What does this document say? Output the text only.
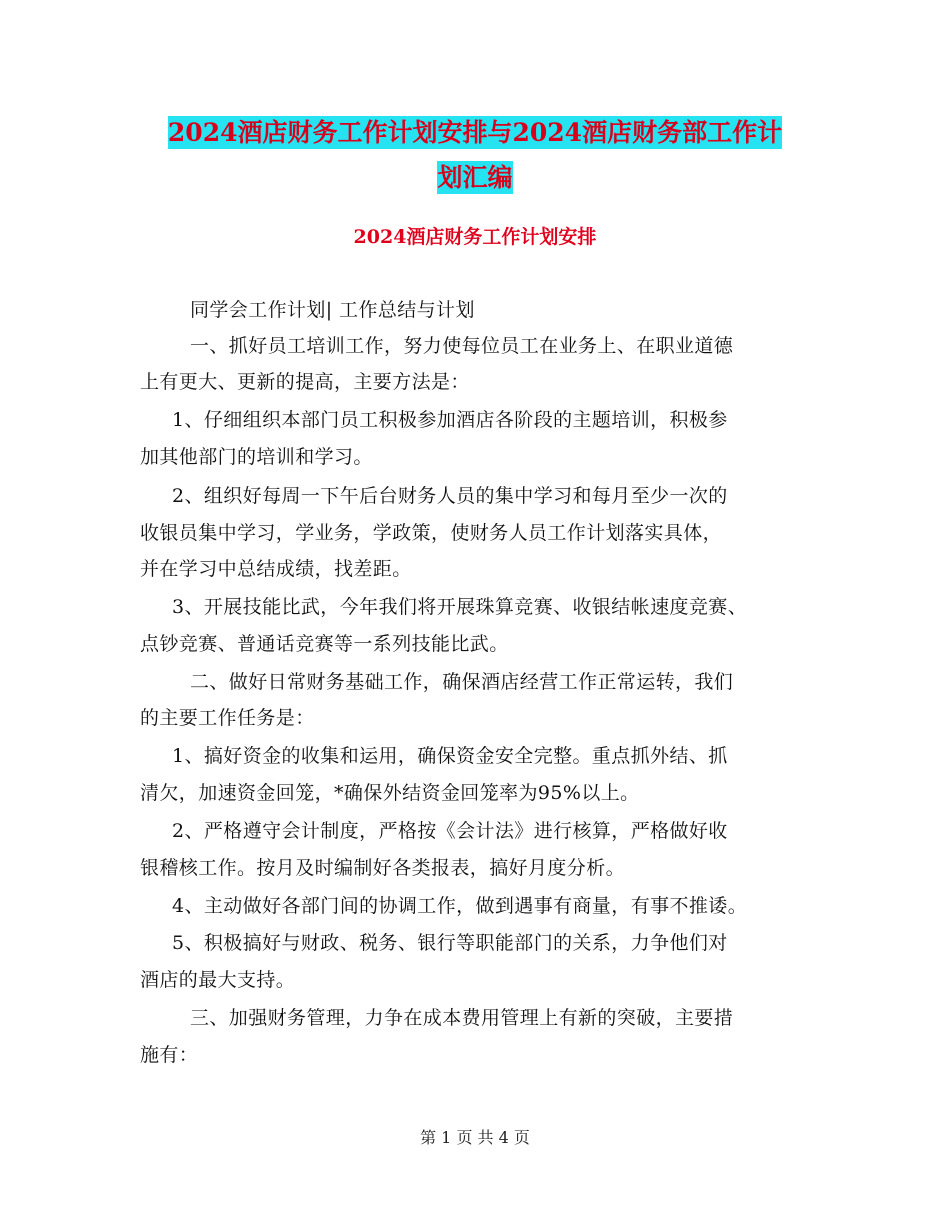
2024酒店财务工作计划安排与2024酒店财务部工作计
划汇编
2024酒店财务工作计划安排

同学会工作计划| 工作总结与计划

一、抓好员工培训工作，努力使每位员工在业务上、在职业道德

上有更大、更新的提高，主要方法是：

1、仔细组织本部门员工积极参加酒店各阶段的主题培训，积极参

加其他部门的培训和学习。

2、组织好每周一下午后台财务人员的集中学习和每月至少一次的

收银员集中学习，学业务，学政策，使财务人员工作计划落实具体，

并在学习中总结成绩，找差距。

3、开展技能比武，今年我们将开展珠算竞赛、收银结帐速度竞赛、

点钞竞赛、普通话竞赛等一系列技能比武。

二、做好日常财务基础工作，确保酒店经营工作正常运转，我们

的主要工作任务是：

1、搞好资金的收集和运用，确保资金安全完整。重点抓外结、抓

清欠，加速资金回笼，*确保外结资金回笼率为95%以上。

2、严格遵守会计制度，严格按《会计法》进行核算，严格做好收

银稽核工作。按月及时编制好各类报表，搞好月度分析。

4、主动做好各部门间的协调工作，做到遇事有商量，有事不推诿。

5、积极搞好与财政、税务、银行等职能部门的关系，力争他们对

酒店的最大支持。

三、加强财务管理，力争在成本费用管理上有新的突破，主要措

施有：

第 1 页 共 4 页
